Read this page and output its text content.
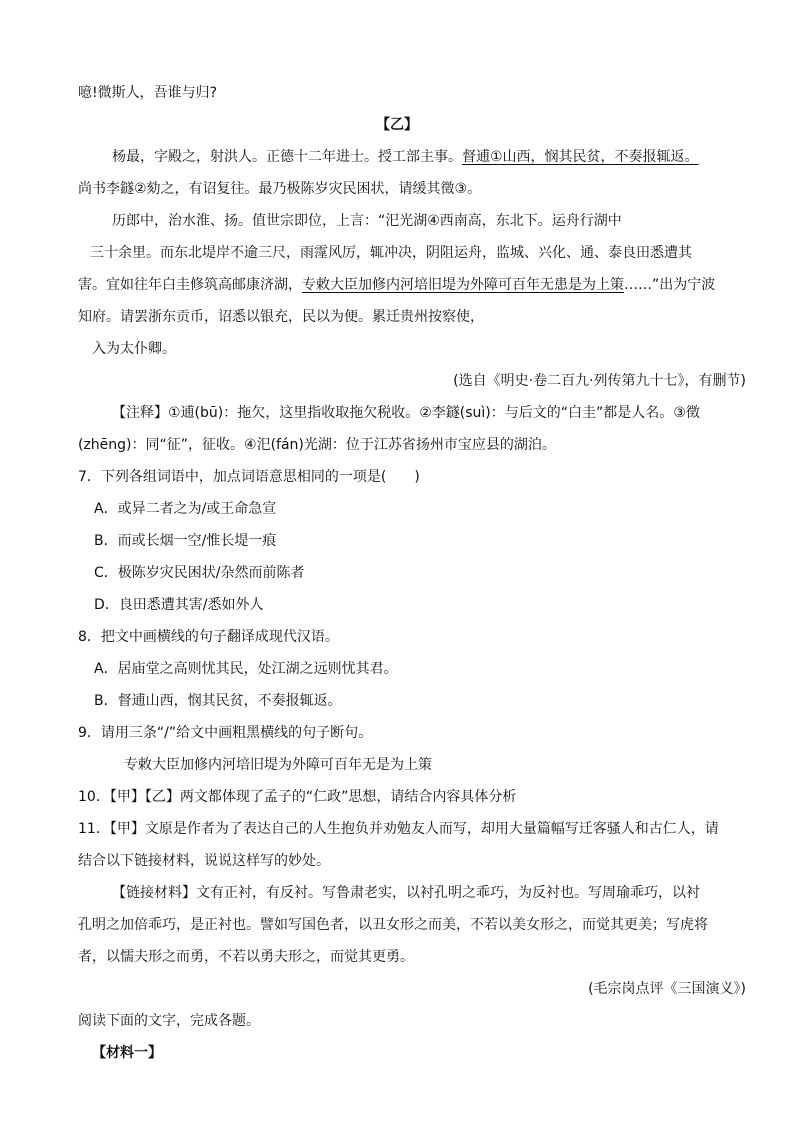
噫!微斯人，吾谁与归?
【乙】
杨最，字殿之，射洪人。正德十二年进士。授工部主事。督逋①山西，悯其民贫，不奏报辄返。
尚书李鐩②劾之，有诏复往。最乃极陈岁灾民困状，请缓其徵③。
历郎中，治水淮、扬。值世宗即位，上言：“汜光湖④西南高，东北下。运舟行湖中
三十余里。而东北堤岸不逾三尺，雨霪风厉，辄冲决，阴阻运舟，监城、兴化、通、泰良田悉遭其
害。宜如往年白圭修筑高邮康济湖，专敕大臣加修内河培旧堤为外障可百年无患是为上策……”出为宁波
知府。请罢浙东贡币，诏悉以银充，民以为便。累迁贵州按察使，
入为太仆卿。
(选自《明史·卷二百九·列传第九十七》，有删节)
【注释】①逋(bū)：拖欠，这里指收取拖欠税收。②李鐩(suì)：与后文的“白圭”都是人名。③徵
(zhēng)：同“征”，征收。④汜(fán)光湖：位于江苏省扬州市宝应县的湖泊。
7．下列各组词语中，加点词语意思相同的一项是(　　)
A．或异二者之为/或王命急宣
B．而或长烟一空/惟长堤一痕
C．极陈岁灾民困状/杂然而前陈者
D．良田悉遭其害/悉如外人
8．把文中画横线的句子翻译成现代汉语。
A．居庙堂之高则忧其民，处江湖之远则忧其君。
B．督逋山西，悯其民贫，不奏报辄返。
9．请用三条“/”给文中画粗黑横线的句子断句。
专敕大臣加修内河培旧堤为外障可百年无是为上策
10．【甲】【乙】两文都体现了孟子的“仁政”思想，请结合内容具体分析
11．【甲】文原是作者为了表达自己的人生抱负并劝勉友人而写，却用大量篇幅写迁客骚人和古仁人，请
结合以下链接材料，说说这样写的妙处。
【链接材料】文有正衬，有反衬。写鲁肃老实，以衬孔明之乖巧，为反衬也。写周瑜乖巧，以衬
孔明之加倍乖巧，是正衬也。譬如写国色者，以丑女形之而美，不若以美女形之，而觉其更美；写虎将
者，以懦夫形之而勇，不若以勇夫形之，而觉其更勇。
(毛宗岗点评《三国演义》)
阅读下面的文字，完成各题。
【材料一】
